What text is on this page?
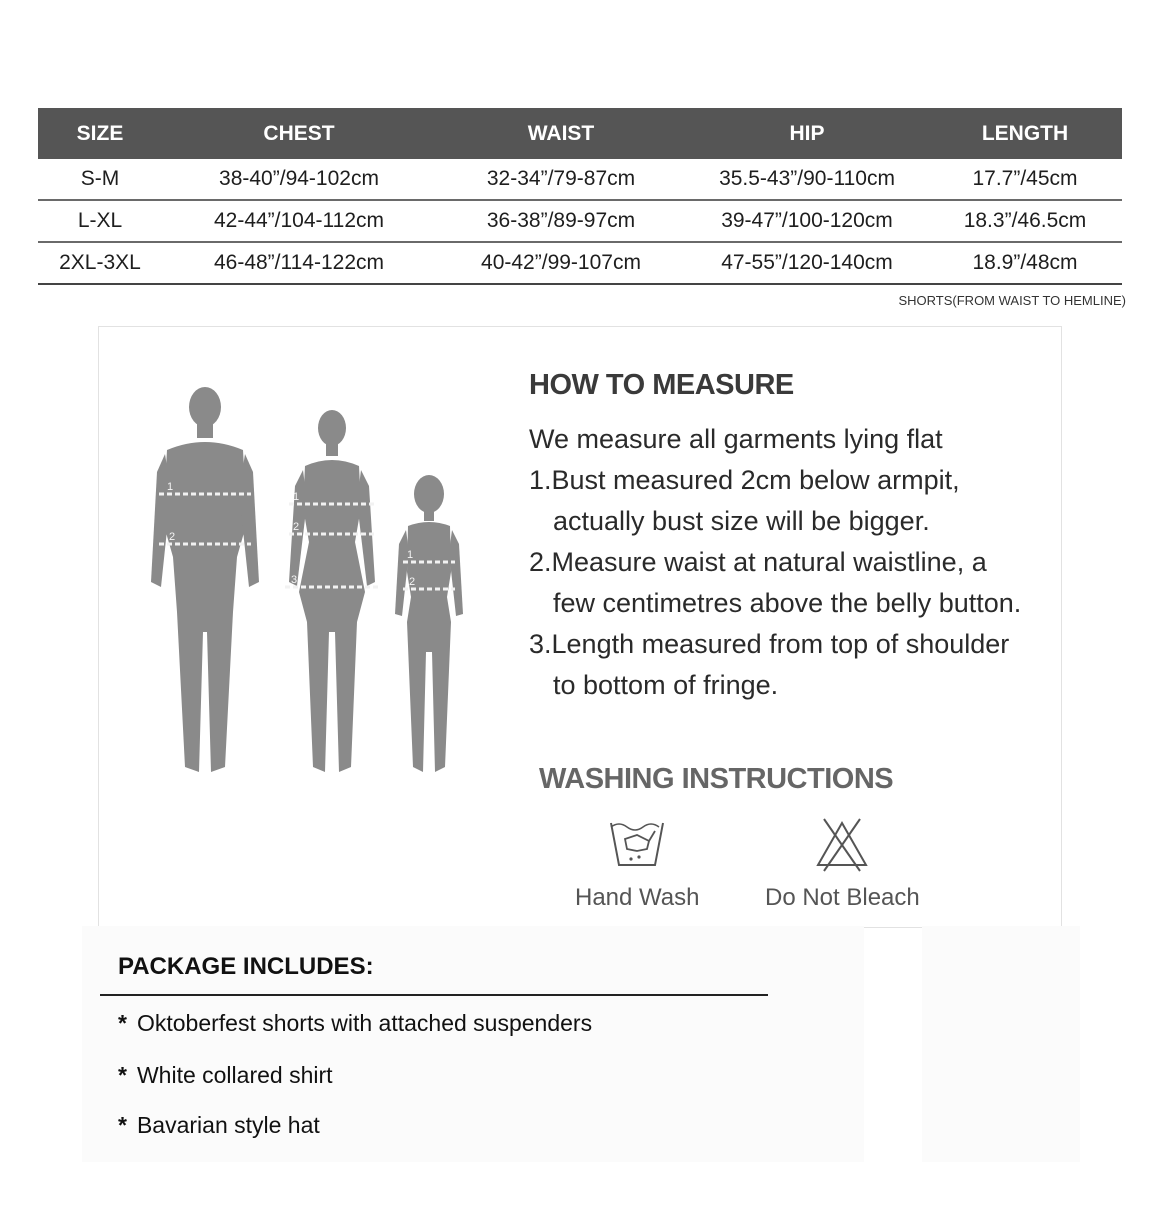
SIZE	CHEST	WAIST	HIP	LENGTH
S-M	38-40”/94-102cm	32-34”/79-87cm	35.5-43”/90-110cm	17.7”/45cm
L-XL	42-44”/104-112cm	36-38”/89-97cm	39-47”/100-120cm	18.3”/46.5cm
2XL-3XL	46-48”/114-122cm	40-42”/99-107cm	47-55”/120-140cm	18.9”/48cm
SHORTS(FROM WAIST TO HEMLINE)
1
2
1
2
3
1
2
HOW TO MEASURE
We measure all garments lying flat
1.Bust measured 2cm below armpit,
actually bust size will be bigger.
2.Measure waist at natural waistline, a
few centimetres above the belly button.
3.Length measured from top of shoulder
to bottom of fringe.
WASHING INSTRUCTIONS
Hand Wash	Do Not Bleach
PACKAGE INCLUDES:
* Oktoberfest shorts with attached suspenders
* White collared shirt
* Bavarian style hat
